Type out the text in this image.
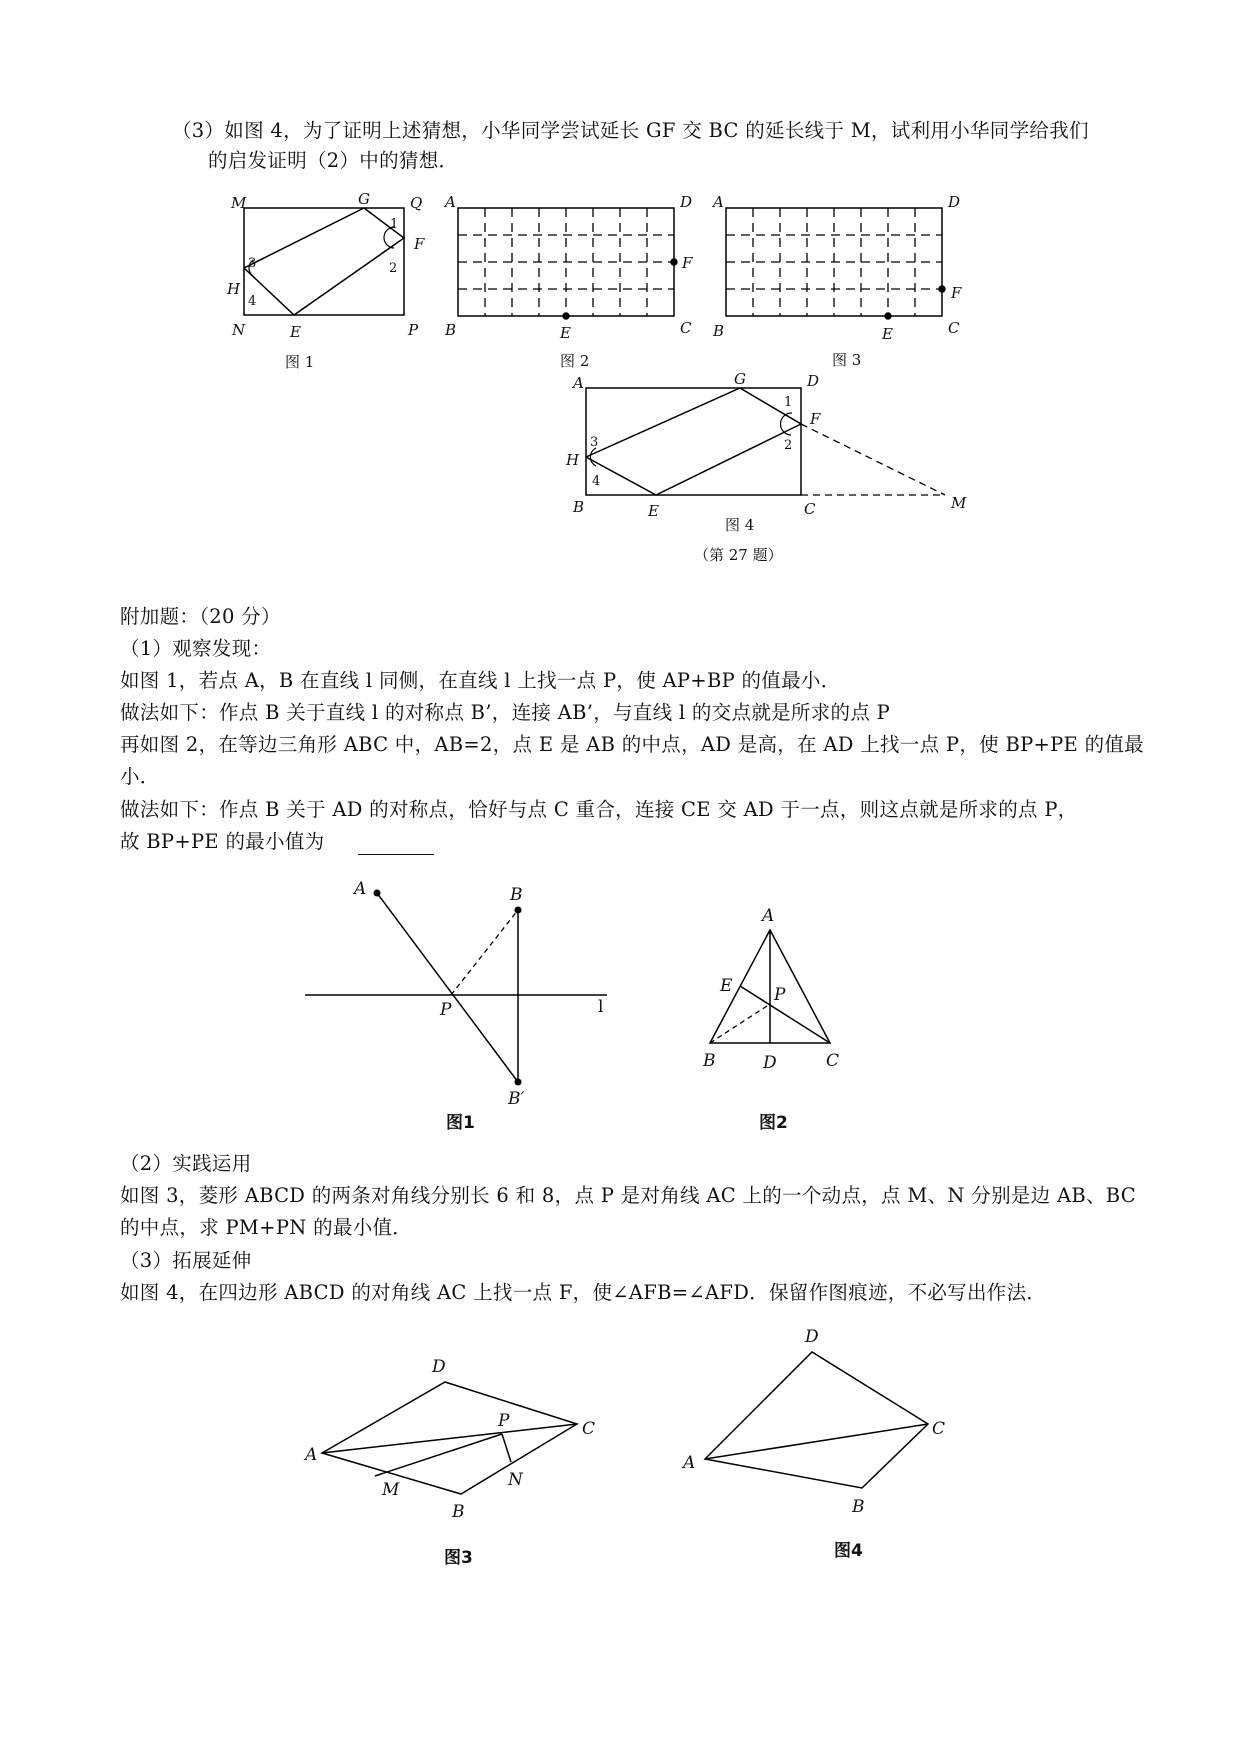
（3）如图 4，为了证明上述猜想，小华同学尝试延长 GF 交 BC 的延长线于 M，试利用小华同学给我们
的启发证明（2）中的猜想．
附加题：（20 分）
（1）观察发现：
如图 1，若点 A，B 在直线 l 同侧，在直线 l 上找一点 P，使 AP+BP 的值最小．
做法如下：作点 B 关于直线 l 的对称点 B’，连接 AB’，与直线 l 的交点就是所求的点 P
再如图 2，在等边三角形 ABC 中，AB=2，点 E 是 AB 的中点，AD 是高，在 AD 上找一点 P，使 BP+PE 的值最
小．
做法如下：作点 B 关于 AD 的对称点，恰好与点 C 重合，连接 CE 交 AD 于一点，则这点就是所求的点 P，
故 BP+PE 的最小值为
（2）实践运用
如图 3，菱形 ABCD 的两条对角线分别长 6 和 8，点 P 是对角线 AC 上的一个动点，点 M、N 分别是边 AB、BC
的中点，求 PM+PN 的最小值．
（3）拓展延伸
如图 4，在四边形 ABCD 的对角线 AC 上找一点 F，使∠AFB=∠AFD．保留作图痕迹，不必写出作法．
M	G	Q
F
H
N	E	P
1
2
3
4
图 1
A	D
F
B	E	C
图 2
A	D
F
B	E	C
图 3
A	G	D
F
H
B	E	C	M
1
2
3
4
图 4
（第 27 题）
A	B
P	l
B′
图1
A
E P
B	D	C
图2
D
P	C
A
M	N
B
图3
D
C
A
B
图4
